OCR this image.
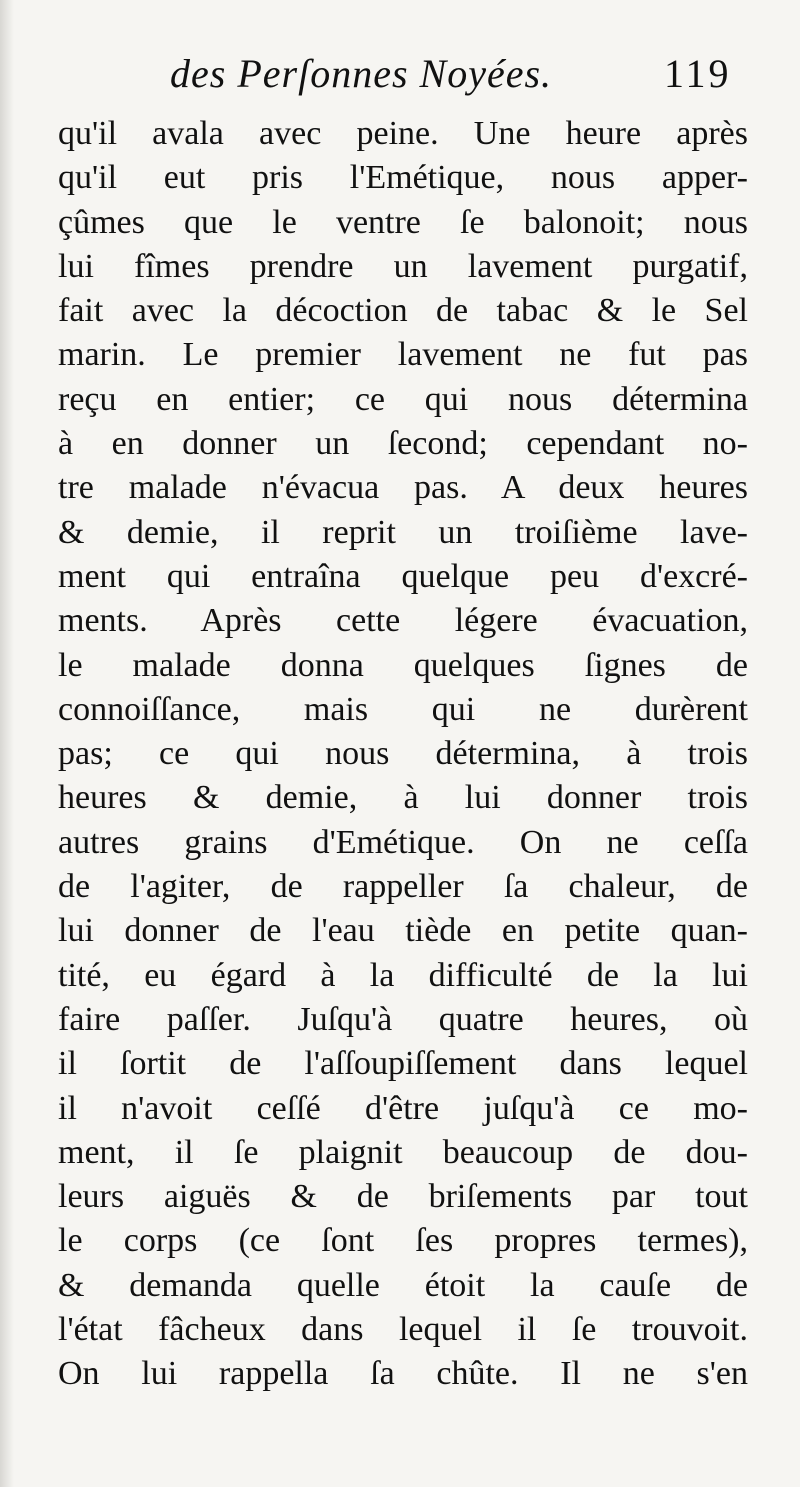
des Perſonnes Noyées.	119
qu'il avala avec peine. Une heure après
qu'il eut pris l'Emétique, nous apper-
çûmes que le ventre ſe balonoit; nous
lui fîmes prendre un lavement purgatif,
fait avec la décoction de tabac & le Sel
marin. Le premier lavement ne fut pas
reçu en entier; ce qui nous détermina
à en donner un ſecond; cependant no-
tre malade n'évacua pas. A deux heures
& demie, il reprit un troiſième lave-
ment qui entraîna quelque peu d'excré-
ments. Après cette légere évacuation,
le malade donna quelques ſignes de
connoiſſance, mais qui ne durèrent
pas; ce qui nous détermina, à trois
heures & demie, à lui donner trois
autres grains d'Emétique. On ne ceſſa
de l'agiter, de rappeller ſa chaleur, de
lui donner de l'eau tiède en petite quan-
tité, eu égard à la difficulté de la lui
faire paſſer. Juſqu'à quatre heures, où
il ſortit de l'aſſoupiſſement dans lequel
il n'avoit ceſſé d'être juſqu'à ce mo-
ment, il ſe plaignit beaucoup de dou-
leurs aiguës & de briſements par tout
le corps (ce ſont ſes propres termes),
& demanda quelle étoit la cauſe de
l'état fâcheux dans lequel il ſe trouvoit.
On lui rappella ſa chûte. Il ne s'en
